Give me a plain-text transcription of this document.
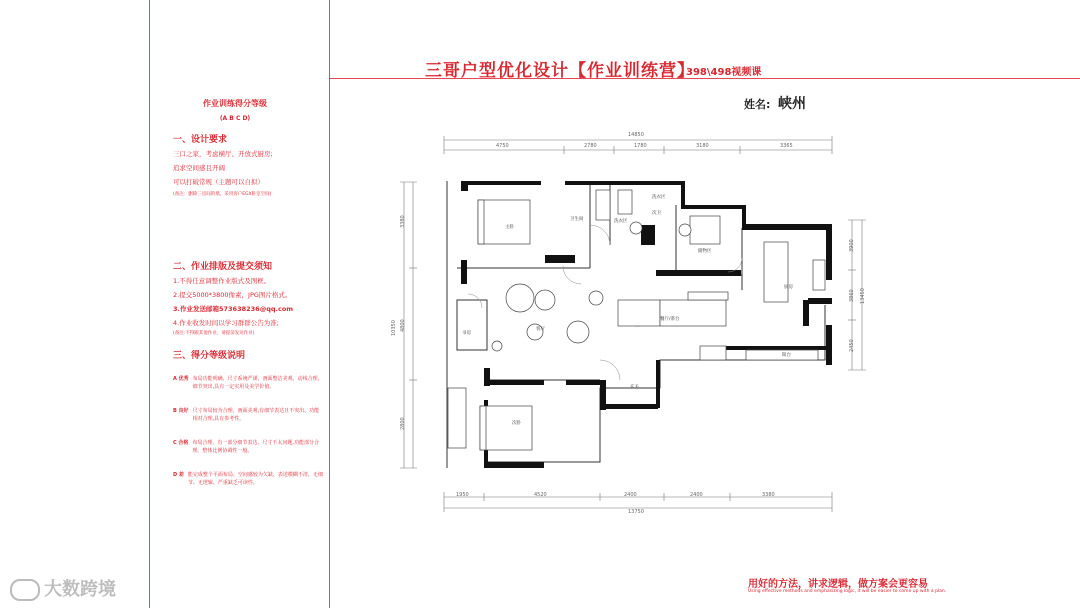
三哥户型优化设计【作业训练营】
398\498视频课
姓名: 峡州
作业训练得分等级
(A B C D)
一、设计要求
三口之家，考虑横厅、开放式厨房;
追求空间感且开阔
可以打破常规（主题可以自拟）
(备注：删除三房间的墙，采用客户EGX卧室空间)
二、作业排版及提交须知
1.不得任意调整作业版式及图框。
2.提交5000*3800像素，JPG图片格式。
3.作业发送邮箱573638236@qq.com
4.作业收发时间以学习群群公告为准;
(备注:不得跟其他作业，请提前发送作业)
三、得分等级说明
A 优秀 布局功能明确、尺寸系统严谨、画面整洁美观、动线合理、细节突出,具有一定实用及美学价值。
B 良好 尺寸布局较为合理、画面美观,有细节表达且不突出、功能相对合理,具有参考性。
C 合格 布局合理、有一部分细节表达、尺寸不太问题,功能部分合理、整体比例协调性一般。
D 差 能完成整个平面布局、空间感较为欠缺、表述模糊不清、无细节、无逻辑、严重缺乏可读性。
14850
4750	2780	1780	3180	3365
1950	4520	2400	2400	3380
13750
3380
4800
2800
10350
3900
3860
2450
13450
主卧
卫生间
洗衣区
洗衣区
次卫
储物区
厨房
客厅
餐厅/茶台
书房
次卧
玄关
阳台
用好的方法，讲求逻辑，做方案会更容易
Using effective methods and emphasizing logic, it will be easier to come up with a plan.
大数跨境
